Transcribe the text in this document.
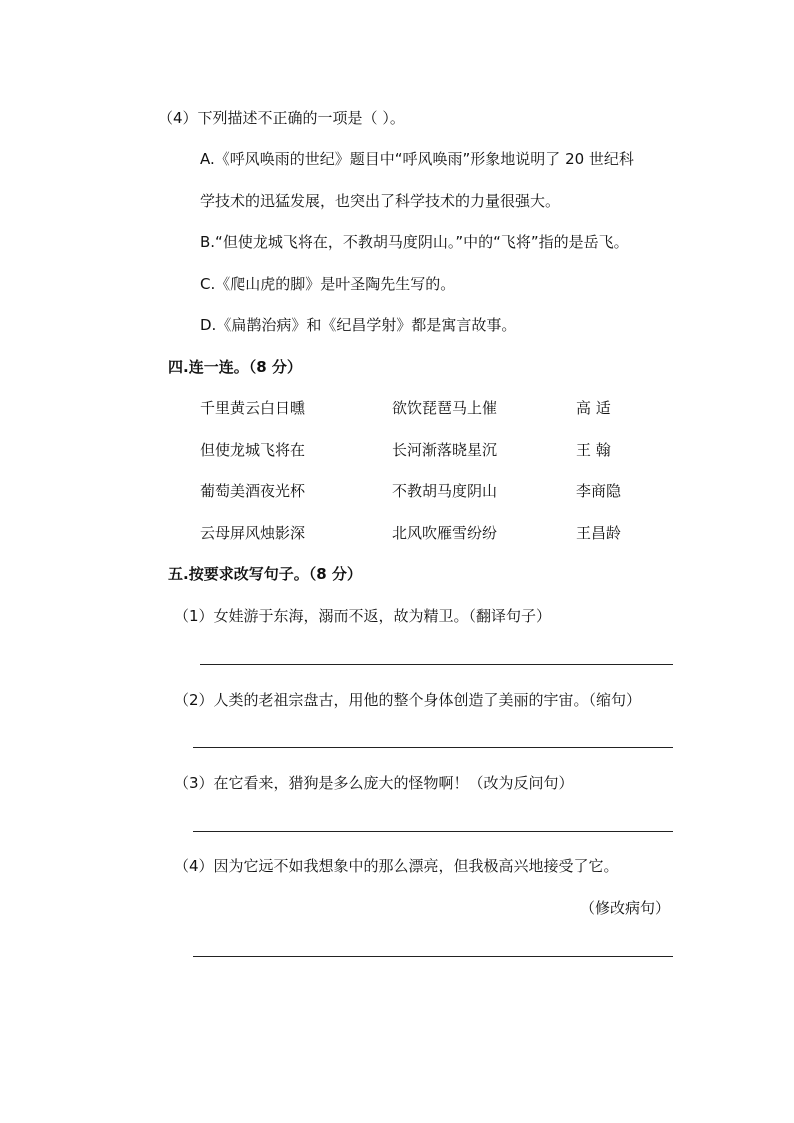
（4）下列描述不正确的一项是（ ）。
A.《呼风唤雨的世纪》题目中“呼风唤雨”形象地说明了 20 世纪科
学技术的迅猛发展，也突出了科学技术的力量很强大。
B.“但使龙城飞将在，不教胡马度阴山。”中的“飞将”指的是岳飞。
C.《爬山虎的脚》是叶圣陶先生写的。
D.《扁鹊治病》和《纪昌学射》都是寓言故事。
四.连一连。（8 分）
千里黄云白日曛	欲饮琵琶马上催	高 适
但使龙城飞将在	长河渐落晓星沉	王 翰
葡萄美酒夜光杯	不教胡马度阴山	李商隐
云母屏风烛影深	北风吹雁雪纷纷	王昌龄
五.按要求改写句子。（8 分）
（1）女娃游于东海，溺而不返，故为精卫。（翻译句子）
（2）人类的老祖宗盘古，用他的整个身体创造了美丽的宇宙。（缩句）
（3）在它看来，猎狗是多么庞大的怪物啊！（改为反问句）
（4）因为它远不如我想象中的那么漂亮，但我极高兴地接受了它。
（修改病句）
